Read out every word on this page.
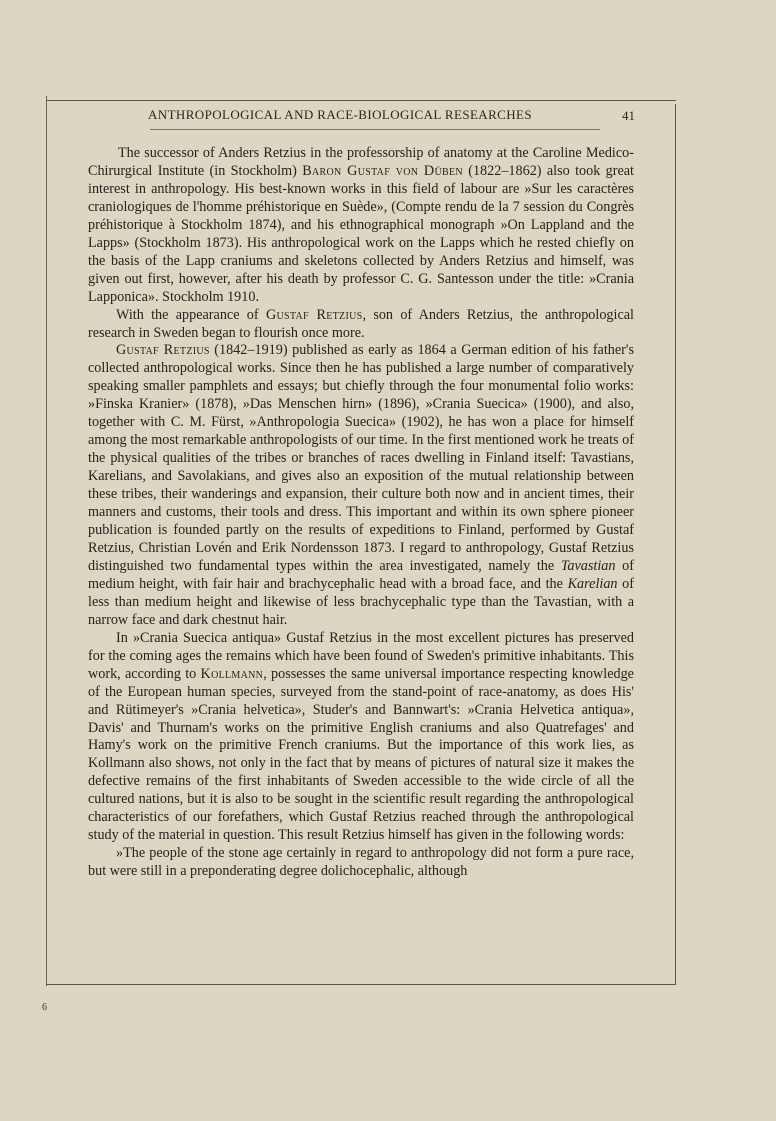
ANTHROPOLOGICAL AND RACE-BIOLOGICAL RESEARCHES	41

The successor of Anders Retzius in the professorship of anatomy at the Caroline Medico-Chirurgical Institute (in Stockholm) Baron Gustaf von Düben (1822–1862) also took great interest in anthropology. His best-known works in this field of labour are »Sur les caractères craniologiques de l'homme préhistorique en Suède», (Compte rendu de la 7 session du Congrès préhistorique à Stockholm 1874), and his ethnographical monograph »On Lappland and the Lapps» (Stockholm 1873). His anthropological work on the Lapps which he rested chiefly on the basis of the Lapp craniums and skeletons collected by Anders Retzius and himself, was given out first, however, after his death by professor C. G. Santesson under the title: »Crania Lapponica». Stockholm 1910.

With the appearance of Gustaf Retzius, son of Anders Retzius, the anthropological research in Sweden began to flourish once more.

Gustaf Retzius (1842–1919) published as early as 1864 a German edition of his father's collected anthropological works. Since then he has published a large number of comparatively speaking smaller pamphlets and essays; but chiefly through the four monumental folio works: »Finska Kranier» (1878), »Das Menschen hirn» (1896), »Crania Suecica» (1900), and also, together with C. M. Fürst, »Anthropologia Suecica» (1902), he has won a place for himself among the most remarkable anthropologists of our time. In the first mentioned work he treats of the physical qualities of the tribes or branches of races dwelling in Finland itself: Tavastians, Karelians, and Savolakians, and gives also an exposition of the mutual relationship between these tribes, their wanderings and expansion, their culture both now and in ancient times, their manners and customs, their tools and dress. This important and within its own sphere pioneer publication is founded partly on the results of expeditions to Finland, performed by Gustaf Retzius, Christian Lovén and Erik Nordensson 1873. I regard to anthropology, Gustaf Retzius distinguished two fundamental types within the area investigated, namely the Tavastian of medium height, with fair hair and brachycephalic head with a broad face, and the Karelian of less than medium height and likewise of less brachycephalic type than the Tavastian, with a narrow face and dark chestnut hair.

In »Crania Suecica antiqua» Gustaf Retzius in the most excellent pictures has preserved for the coming ages the remains which have been found of Sweden's primitive inhabitants. This work, according to Kollmann, possesses the same universal importance respecting knowledge of the European human species, surveyed from the stand-point of race-anatomy, as does His' and Rütimeyer's »Crania helvetica», Studer's and Bannwart's: »Crania Helvetica antiqua», Davis' and Thurnam's works on the primitive English craniums and also Quatrefages' and Hamy's work on the primitive French craniums. But the importance of this work lies, as Kollmann also shows, not only in the fact that by means of pictures of natural size it makes the defective remains of the first inhabitants of Sweden accessible to the wide circle of all the cultured nations, but it is also to be sought in the scientific result regarding the anthropological characteristics of our forefathers, which Gustaf Retzius reached through the anthropological study of the material in question. This result Retzius himself has given in the following words:

»The people of the stone age certainly in regard to anthropology did not form a pure race, but were still in a preponderating degree dolichocephalic, although

6
